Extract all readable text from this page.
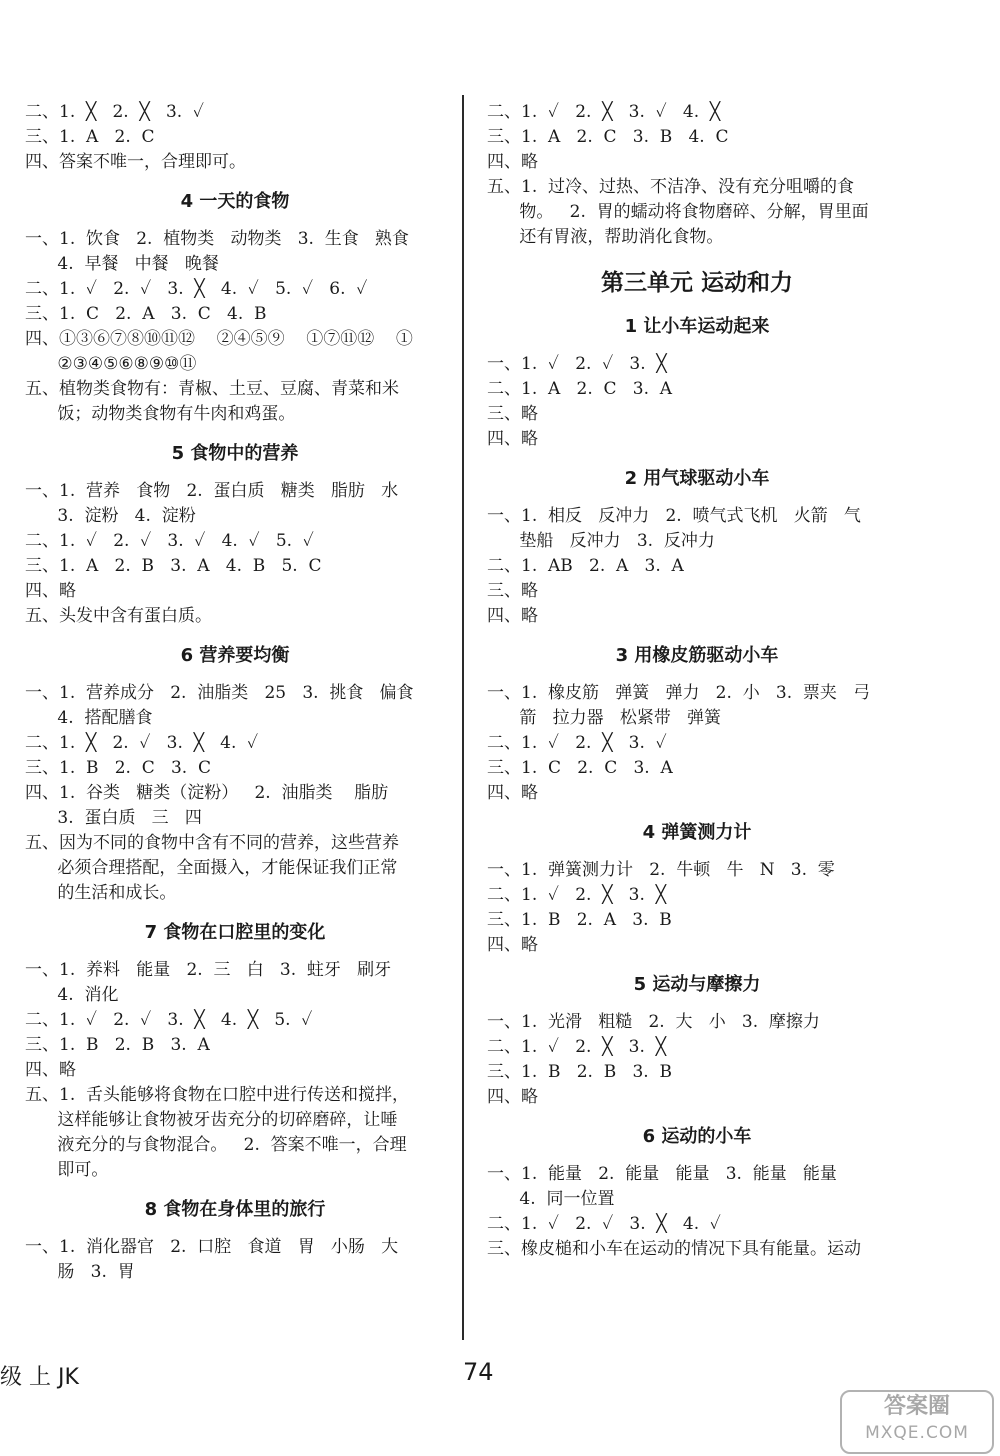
二、1.  ╳   2.  ╳   3.  ✓
三、1.  A   2.  C
四、答案不唯一，合理即可。
4 一天的食物
一、1.  饮食   2.  植物类   动物类   3.  生食   熟食
4.  早餐   中餐   晚餐
二、1.  ✓   2.  ✓   3.  ╳   4.  ✓   5.  ✓   6.  ✓
三、1.  C   2.  A   3.  C   4.  B
四、①③⑥⑦⑧⑩⑪⑫    ②④⑤⑨    ①⑦⑪⑫    ①
②③④⑤⑥⑧⑨⑩⑪
五、植物类食物有：青椒、土豆、豆腐、青菜和米
饭；动物类食物有牛肉和鸡蛋。
5 食物中的营养
一、1.  营养   食物   2.  蛋白质   糖类   脂肪   水
3.  淀粉   4.  淀粉
二、1.  ✓   2.  ✓   3.  ✓   4.  ✓   5.  ✓
三、1.  A   2.  B   3.  A   4.  B   5.  C
四、略
五、头发中含有蛋白质。
6 营养要均衡
一、1.  营养成分   2.  油脂类   25   3.  挑食   偏食
4.  搭配膳食
二、1.  ╳   2.  ✓   3.  ╳   4.  ✓
三、1.  B   2.  C   3.  C
四、1.  谷类   糖类（淀粉）   2.  油脂类    脂肪
3.  蛋白质   三   四
五、因为不同的食物中含有不同的营养，这些营养
必须合理搭配，全面摄入，才能保证我们正常
的生活和成长。
7 食物在口腔里的变化
一、1.  养料   能量   2.  三   白   3.  蛀牙   刷牙
4.  消化
二、1.  ✓   2.  ✓   3.  ╳   4.  ╳   5.  ✓
三、1.  B   2.  B   3.  A
四、略
五、1.  舌头能够将食物在口腔中进行传送和搅拌，
这样能够让食物被牙齿充分的切碎磨碎，让唾
液充分的与食物混合。   2.  答案不唯一，合理
即可。
8 食物在身体里的旅行
一、1.  消化器官   2.  口腔   食道   胃   小肠   大
肠   3.  胃
二、1.  ✓   2.  ╳   3.  ✓   4.  ╳
三、1.  A   2.  C   3.  B   4.  C
四、略
五、1.  过冷、过热、不洁净、没有充分咀嚼的食
物。   2.  胃的蠕动将食物磨碎、分解，胃里面
还有胃液，帮助消化食物。
第三单元 运动和力
1 让小车运动起来
一、1.  ✓   2.  ✓   3.  ╳
二、1.  A   2.  C   3.  A
三、略
四、略
2 用气球驱动小车
一、1.  相反   反冲力   2.  喷气式飞机   火箭   气
垫船   反冲力   3.  反冲力
二、1.  AB   2.  A   3.  A
三、略
四、略
3 用橡皮筋驱动小车
一、1.  橡皮筋   弹簧   弹力   2.  小   3.  票夹   弓
箭   拉力器   松紧带   弹簧
二、1.  ✓   2.  ╳   3.  ✓
三、1.  C   2.  C   3.  A
四、略
4 弹簧测力计
一、1.  弹簧测力计   2.  牛顿   牛   N   3.  零
二、1.  ✓   2.  ╳   3.  ╳
三、1.  B   2.  A   3.  B
四、略
5 运动与摩擦力
一、1.  光滑   粗糙   2.  大   小   3.  摩擦力
二、1.  ✓   2.  ╳   3.  ╳
三、1.  B   2.  B   3.  B
四、略
6 运动的小车
一、1.  能量   2.  能量   能量   3.  能量   能量
4.  同一位置
二、1.  ✓   2.  ✓   3.  ╳   4.  ✓
三、橡皮槌和小车在运动的情况下具有能量。运动
级 上 JK	74
答案圈
MXQE.COM
